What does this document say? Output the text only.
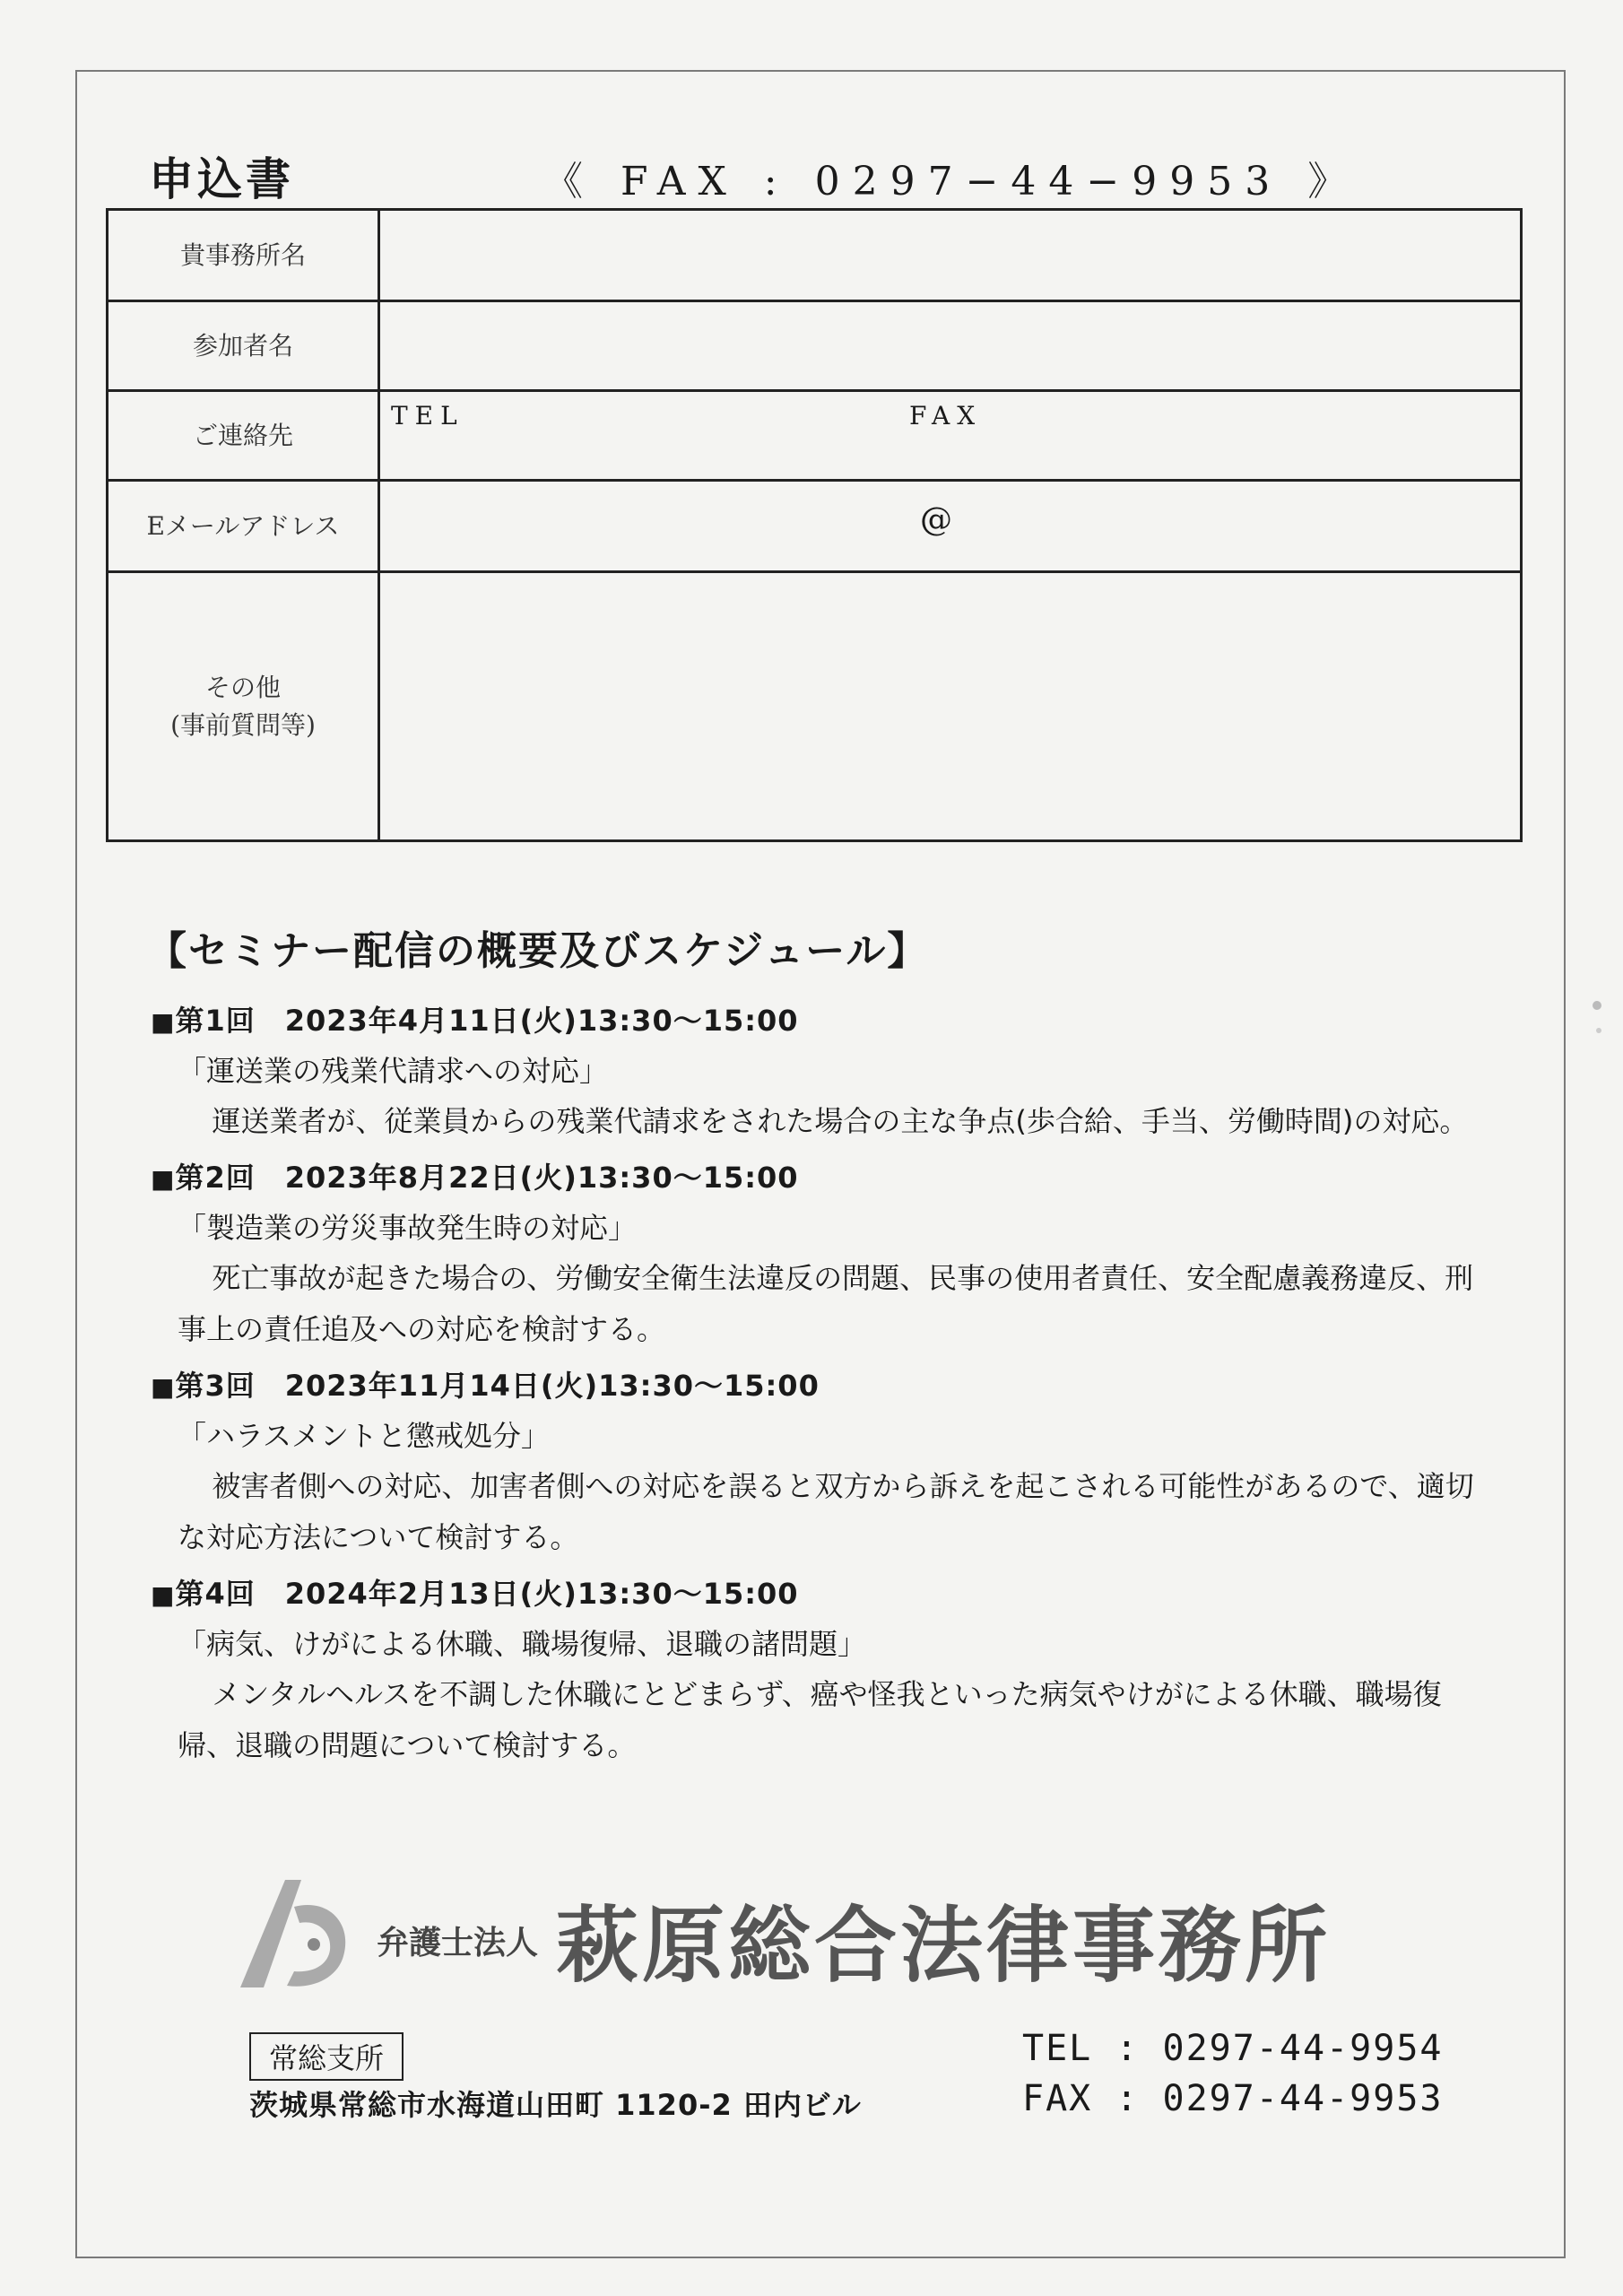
申込書	《 FAX : 0297−44−9953 》
貴事務所名	
参加者名	
ご連絡先	TEL FAX

Eメールアドレス	@

その他
(事前質問等)	

【セミナー配信の概要及びスケジュール】
■第1回　2023年4月11日(火)13:30〜15:00
「運送業の残業代請求への対応」
運送業者が、従業員からの残業代請求をされた場合の主な争点(歩合給、手当、労働時間)の対応。
■第2回　2023年8月22日(火)13:30〜15:00
「製造業の労災事故発生時の対応」
死亡事故が起きた場合の、労働安全衛生法違反の問題、民事の使用者責任、安全配慮義務違反、刑事上の責任追及への対応を検討する。
■第3回　2023年11月14日(火)13:30〜15:00
「ハラスメントと懲戒処分」
被害者側への対応、加害者側への対応を誤ると双方から訴えを起こされる可能性があるので、適切な対応方法について検討する。
■第4回　2024年2月13日(火)13:30〜15:00
「病気、けがによる休職、職場復帰、退職の諸問題」
メンタルヘルスを不調した休職にとどまらず、癌や怪我といった病気やけがによる休職、職場復帰、退職の問題について検討する。
弁護士法人 萩原総合法律事務所
常総支所
茨城県常総市水海道山田町 1120-2 田内ビル
TEL : 0297-44-9954
FAX : 0297-44-9953
